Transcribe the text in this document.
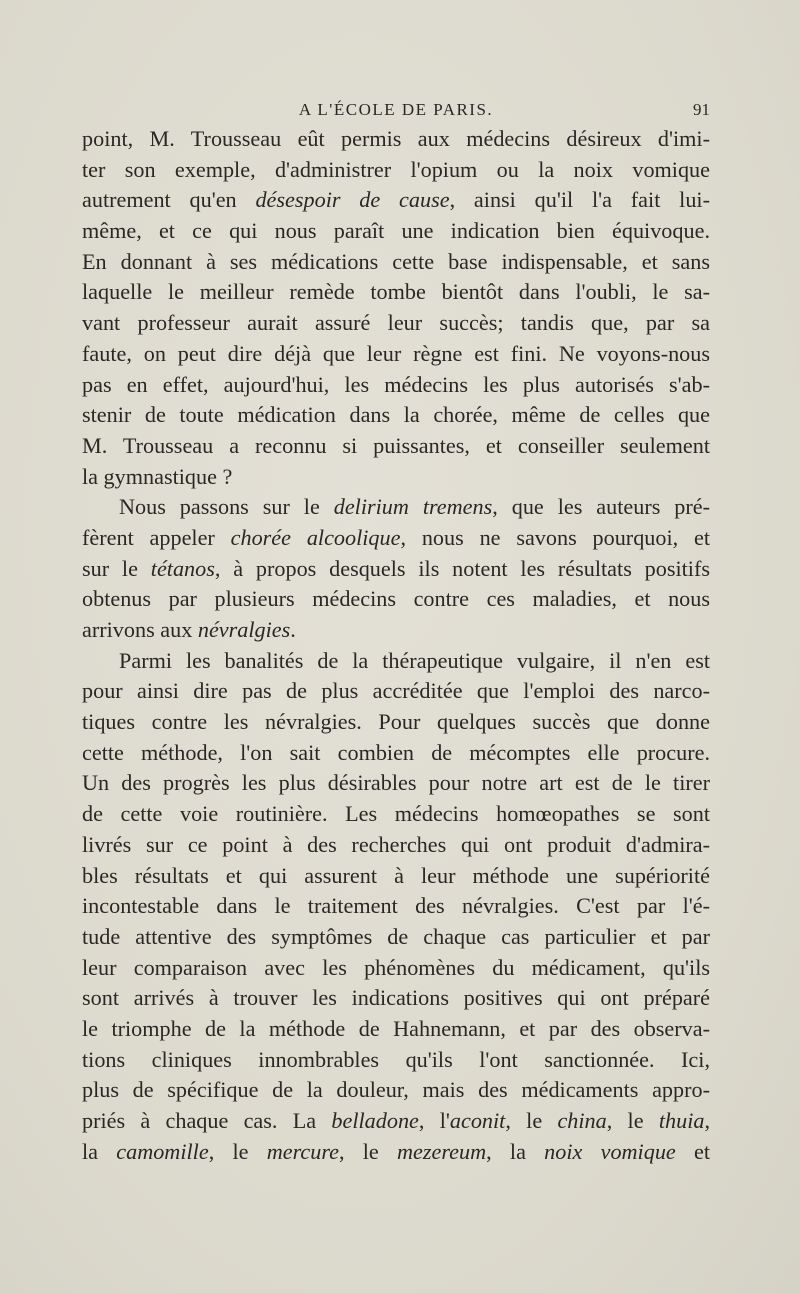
A L'ÉCOLE DE PARIS.	91
point, M. Trousseau eût permis aux médecins désireux d'imi-
ter son exemple, d'administrer l'opium ou la noix vomique
autrement qu'en désespoir de cause, ainsi qu'il l'a fait lui-
même, et ce qui nous paraît une indication bien équivoque.
En donnant à ses médications cette base indispensable, et sans
laquelle le meilleur remède tombe bientôt dans l'oubli, le sa-
vant professeur aurait assuré leur succès; tandis que, par sa
faute, on peut dire déjà que leur règne est fini. Ne voyons-nous
pas en effet, aujourd'hui, les médecins les plus autorisés s'ab-
stenir de toute médication dans la chorée, même de celles que
M. Trousseau a reconnu si puissantes, et conseiller seulement
la gymnastique ?
Nous passons sur le delirium tremens, que les auteurs pré-
fèrent appeler chorée alcoolique, nous ne savons pourquoi, et
sur le tétanos, à propos desquels ils notent les résultats positifs
obtenus par plusieurs médecins contre ces maladies, et nous
arrivons aux névralgies.
Parmi les banalités de la thérapeutique vulgaire, il n'en est
pour ainsi dire pas de plus accréditée que l'emploi des narco-
tiques contre les névralgies. Pour quelques succès que donne
cette méthode, l'on sait combien de mécomptes elle procure.
Un des progrès les plus désirables pour notre art est de le tirer
de cette voie routinière. Les médecins homœopathes se sont
livrés sur ce point à des recherches qui ont produit d'admira-
bles résultats et qui assurent à leur méthode une supériorité
incontestable dans le traitement des névralgies. C'est par l'é-
tude attentive des symptômes de chaque cas particulier et par
leur comparaison avec les phénomènes du médicament, qu'ils
sont arrivés à trouver les indications positives qui ont préparé
le triomphe de la méthode de Hahnemann, et par des observa-
tions cliniques innombrables qu'ils l'ont sanctionnée. Ici,
plus de spécifique de la douleur, mais des médicaments appro-
priés à chaque cas. La belladone, l'aconit, le china, le thuia,
la camomille, le mercure, le mezereum, la noix vomique et
